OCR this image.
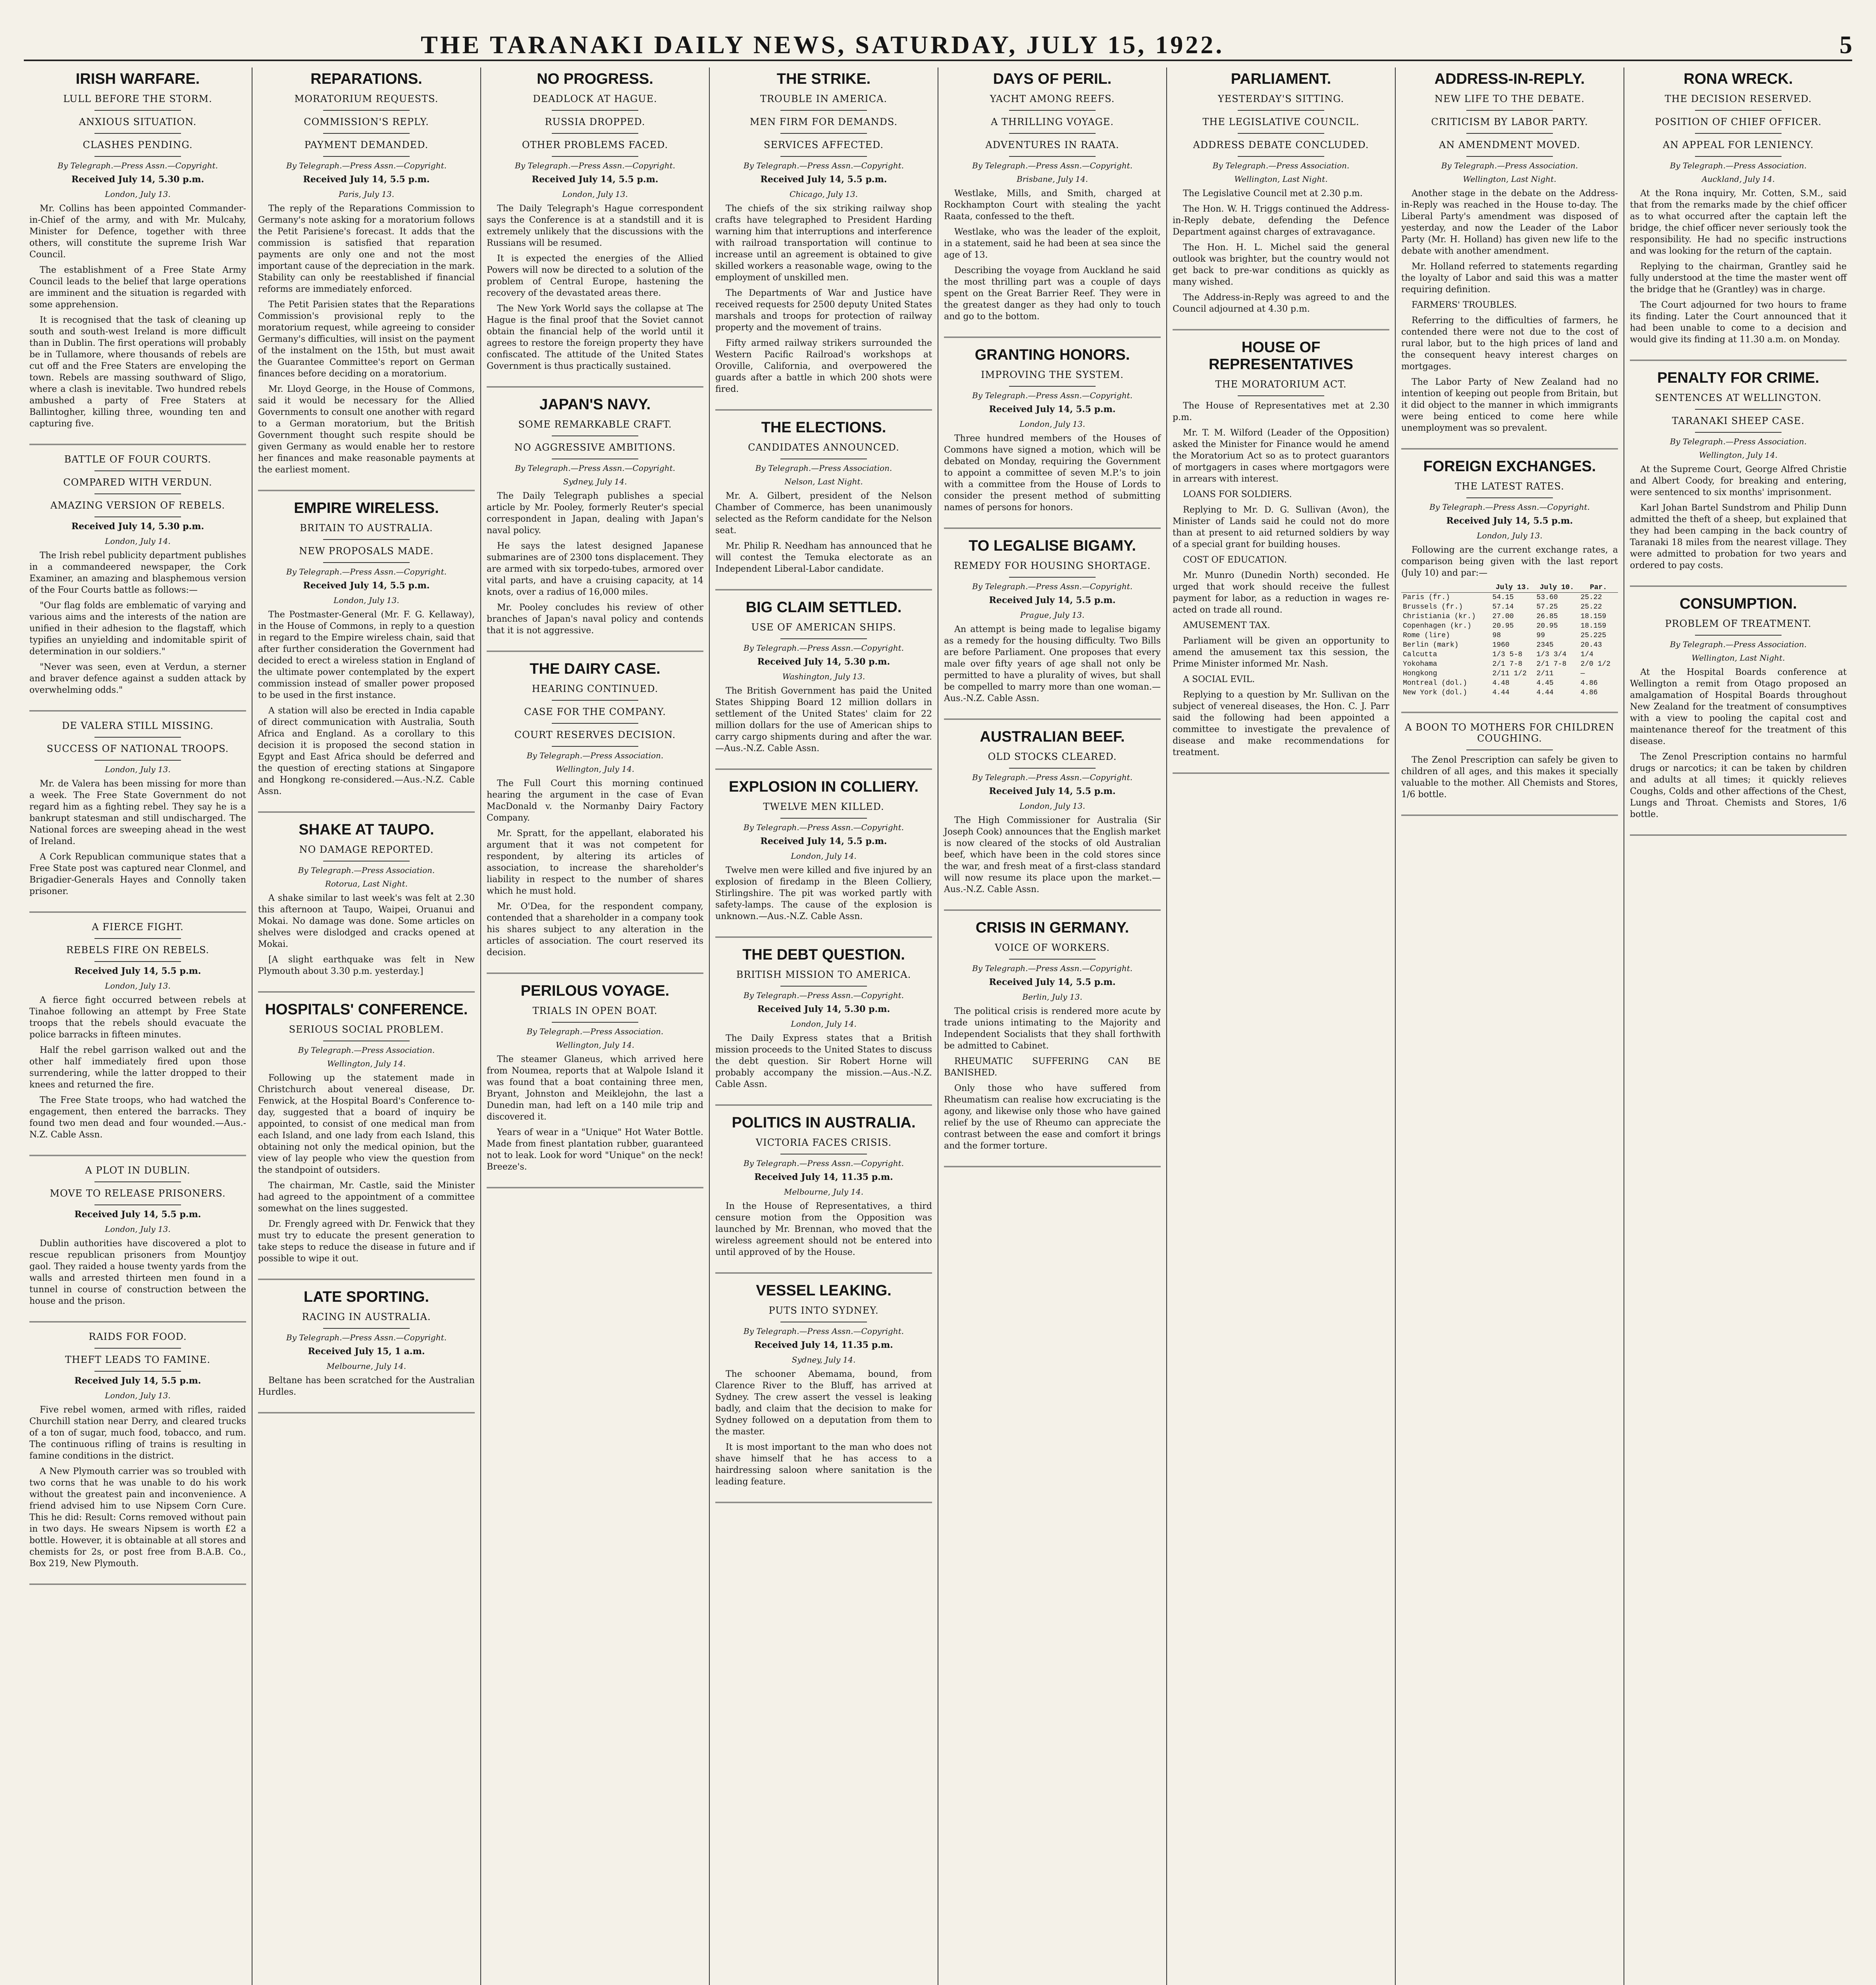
THE TARANAKI DAILY NEWS, SATURDAY, JULY 15, 1922.	5
IRISH WARFARE.
LULL BEFORE THE STORM.
ANXIOUS SITUATION.
CLASHES PENDING.
By Telegraph.—Press Assn.—Copyright.
Received July 14, 5.30 p.m.
London, July 13.

Mr. Collins has been appointed Commander-in-Chief of the army, and with Mr. Mulcahy, Minister for Defence, together with three others, will constitute the supreme Irish War Council.

The establishment of a Free State Army Council leads to the belief that large operations are imminent and the situation is regarded with some apprehension.

It is recognised that the task of cleaning up south and south-west Ireland is more difficult than in Dublin. The first operations will probably be in Tullamore, where thousands of rebels are cut off and the Free Staters are enveloping the town. Rebels are massing southward of Sligo, where a clash is inevitable. Two hundred rebels ambushed a party of Free Staters at Ballintogher, killing three, wounding ten and capturing five.

BATTLE OF FOUR COURTS.
COMPARED WITH VERDUN.
AMAZING VERSION OF REBELS.
Received July 14, 5.30 p.m.
London, July 14.

The Irish rebel publicity department publishes in a commandeered newspaper, the Cork Examiner, an amazing and blasphemous version of the Four Courts battle as follows:—

"Our flag folds are emblematic of varying and various aims and the interests of the nation are unified in their adhesion to the flagstaff, which typifies an unyielding and indomitable spirit of determination in our soldiers."

"Never was seen, even at Verdun, a sterner and braver defence against a sudden attack by overwhelming odds."

DE VALERA STILL MISSING.
SUCCESS OF NATIONAL TROOPS.
London, July 13.

Mr. de Valera has been missing for more than a week. The Free State Government do not regard him as a fighting rebel. They say he is a bankrupt statesman and still undischarged. The National forces are sweeping ahead in the west of Ireland.

A Cork Republican communique states that a Free State post was captured near Clonmel, and Brigadier-Generals Hayes and Connolly taken prisoner.

A FIERCE FIGHT.
REBELS FIRE ON REBELS.
Received July 14, 5.5 p.m.
London, July 13.

A fierce fight occurred between rebels at Tinahoe following an attempt by Free State troops that the rebels should evacuate the police barracks in fifteen minutes.

Half the rebel garrison walked out and the other half immediately fired upon those surrendering, while the latter dropped to their knees and returned the fire.

The Free State troops, who had watched the engagement, then entered the barracks. They found two men dead and four wounded.—Aus.-N.Z. Cable Assn.

A PLOT IN DUBLIN.
MOVE TO RELEASE PRISONERS.
Received July 14, 5.5 p.m.
London, July 13.

Dublin authorities have discovered a plot to rescue republican prisoners from Mountjoy gaol. They raided a house twenty yards from the walls and arrested thirteen men found in a tunnel in course of construction between the house and the prison.

RAIDS FOR FOOD.
THEFT LEADS TO FAMINE.
Received July 14, 5.5 p.m.
London, July 13.

Five rebel women, armed with rifles, raided Churchill station near Derry, and cleared trucks of a ton of sugar, much food, tobacco, and rum. The continuous rifling of trains is resulting in famine conditions in the district.

A New Plymouth carrier was so troubled with two corns that he was unable to do his work without the greatest pain and inconvenience. A friend advised him to use Nipsem Corn Cure. This he did: Result: Corns removed without pain in two days. He swears Nipsem is worth £2 a bottle. However, it is obtainable at all stores and chemists for 2s, or post free from B.A.B. Co., Box 219, New Plymouth.

REPARATIONS.
MORATORIUM REQUESTS.
COMMISSION'S REPLY.
PAYMENT DEMANDED.
By Telegraph.—Press Assn.—Copyright.
Received July 14, 5.5 p.m.
Paris, July 13.

The reply of the Reparations Commission to Germany's note asking for a moratorium follows the Petit Parisiene's forecast. It adds that the commission is satisfied that reparation payments are only one and not the most important cause of the depreciation in the mark. Stability can only be reestablished if financial reforms are immediately enforced.

The Petit Parisien states that the Reparations Commission's provisional reply to the moratorium request, while agreeing to consider Germany's difficulties, will insist on the payment of the instalment on the 15th, but must await the Guarantee Committee's report on German finances before deciding on a moratorium.

Mr. Lloyd George, in the House of Commons, said it would be necessary for the Allied Governments to consult one another with regard to a German moratorium, but the British Government thought such respite should be given Germany as would enable her to restore her finances and make reasonable payments at the earliest moment.

EMPIRE WIRELESS.
BRITAIN TO AUSTRALIA.
NEW PROPOSALS MADE.
By Telegraph.—Press Assn.—Copyright.
Received July 14, 5.5 p.m.
London, July 13.

The Postmaster-General (Mr. F. G. Kellaway), in the House of Commons, in reply to a question in regard to the Empire wireless chain, said that after further consideration the Government had decided to erect a wireless station in England of the ultimate power contemplated by the expert commission instead of smaller power proposed to be used in the first instance.

A station will also be erected in India capable of direct communication with Australia, South Africa and England. As a corollary to this decision it is proposed the second station in Egypt and East Africa should be deferred and the question of erecting stations at Singapore and Hongkong re-considered.—Aus.-N.Z. Cable Assn.

SHAKE AT TAUPO.
NO DAMAGE REPORTED.
By Telegraph.—Press Association.
Rotorua, Last Night.

A shake similar to last week's was felt at 2.30 this afternoon at Taupo, Waipei, Oruanui and Mokai. No damage was done. Some articles on shelves were dislodged and cracks opened at Mokai.

[A slight earthquake was felt in New Plymouth about 3.30 p.m. yesterday.]

HOSPITALS' CONFERENCE.
SERIOUS SOCIAL PROBLEM.
By Telegraph.—Press Association.
Wellington, July 14.

Following up the statement made in Christchurch about venereal disease, Dr. Fenwick, at the Hospital Board's Conference to-day, suggested that a board of inquiry be appointed, to consist of one medical man from each Island, and one lady from each Island, this obtaining not only the medical opinion, but the view of lay people who view the question from the standpoint of outsiders.

The chairman, Mr. Castle, said the Minister had agreed to the appointment of a committee somewhat on the lines suggested.

Dr. Frengly agreed with Dr. Fenwick that they must try to educate the present generation to take steps to reduce the disease in future and if possible to wipe it out.

LATE SPORTING.
RACING IN AUSTRALIA.
By Telegraph.—Press Assn.—Copyright.
Received July 15, 1 a.m.
Melbourne, July 14.

Beltane has been scratched for the Australian Hurdles.

NO PROGRESS.
DEADLOCK AT HAGUE.
RUSSIA DROPPED.
OTHER PROBLEMS FACED.
By Telegraph.—Press Assn.—Copyright.
Received July 14, 5.5 p.m.
London, July 13.

The Daily Telegraph's Hague correspondent says the Conference is at a standstill and it is extremely unlikely that the discussions with the Russians will be resumed.

It is expected the energies of the Allied Powers will now be directed to a solution of the problem of Central Europe, hastening the recovery of the devastated areas there.

The New York World says the collapse at The Hague is the final proof that the Soviet cannot obtain the financial help of the world until it agrees to restore the foreign property they have confiscated. The attitude of the United States Government is thus practically sustained.

JAPAN'S NAVY.
SOME REMARKABLE CRAFT.
NO AGGRESSIVE AMBITIONS.
By Telegraph.—Press Assn.—Copyright.
Sydney, July 14.

The Daily Telegraph publishes a special article by Mr. Pooley, formerly Reuter's special correspondent in Japan, dealing with Japan's naval policy.

He says the latest designed Japanese submarines are of 2300 tons displacement. They are armed with six torpedo-tubes, armored over vital parts, and have a cruising capacity, at 14 knots, over a radius of 16,000 miles.

Mr. Pooley concludes his review of other branches of Japan's naval policy and contends that it is not aggressive.

THE DAIRY CASE.
HEARING CONTINUED.
CASE FOR THE COMPANY.
COURT RESERVES DECISION.
By Telegraph.—Press Association.
Wellington, July 14.

The Full Court this morning continued hearing the argument in the case of Evan MacDonald v. the Normanby Dairy Factory Company.

Mr. Spratt, for the appellant, elaborated his argument that it was not competent for respondent, by altering its articles of association, to increase the shareholder's liability in respect to the number of shares which he must hold.

Mr. O'Dea, for the respondent company, contended that a shareholder in a company took his shares subject to any alteration in the articles of association. The court reserved its decision.

PERILOUS VOYAGE.
TRIALS IN OPEN BOAT.
By Telegraph.—Press Association.
Wellington, July 14.

The steamer Glaneus, which arrived here from Noumea, reports that at Walpole Island it was found that a boat containing three men, Bryant, Johnston and Meiklejohn, the last a Dunedin man, had left on a 140 mile trip and discovered it.

Years of wear in a "Unique" Hot Water Bottle. Made from finest plantation rubber, guaranteed not to leak. Look for word "Unique" on the neck! Breeze's.

THE STRIKE.
TROUBLE IN AMERICA.
MEN FIRM FOR DEMANDS.
SERVICES AFFECTED.
By Telegraph.—Press Assn.—Copyright.
Received July 14, 5.5 p.m.
Chicago, July 13.

The chiefs of the six striking railway shop crafts have telegraphed to President Harding warning him that interruptions and interference with railroad transportation will continue to increase until an agreement is obtained to give skilled workers a reasonable wage, owing to the employment of unskilled men.

The Departments of War and Justice have received requests for 2500 deputy United States marshals and troops for protection of railway property and the movement of trains.

Fifty armed railway strikers surrounded the Western Pacific Railroad's workshops at Oroville, California, and overpowered the guards after a battle in which 200 shots were fired.

THE ELECTIONS.
CANDIDATES ANNOUNCED.
By Telegraph.—Press Association.
Nelson, Last Night.

Mr. A. Gilbert, president of the Nelson Chamber of Commerce, has been unanimously selected as the Reform candidate for the Nelson seat.

Mr. Philip R. Needham has announced that he will contest the Temuka electorate as an Independent Liberal-Labor candidate.

BIG CLAIM SETTLED.
USE OF AMERICAN SHIPS.
By Telegraph.—Press Assn.—Copyright.
Received July 14, 5.30 p.m.
Washington, July 13.

The British Government has paid the United States Shipping Board 12 million dollars in settlement of the United States' claim for 22 million dollars for the use of American ships to carry cargo shipments during and after the war.—Aus.-N.Z. Cable Assn.

EXPLOSION IN COLLIERY.
TWELVE MEN KILLED.
By Telegraph.—Press Assn.—Copyright.
Received July 14, 5.5 p.m.
London, July 14.

Twelve men were killed and five injured by an explosion of firedamp in the Bleen Colliery, Stirlingshire. The pit was worked partly with safety-lamps. The cause of the explosion is unknown.—Aus.-N.Z. Cable Assn.

THE DEBT QUESTION.
BRITISH MISSION TO AMERICA.
By Telegraph.—Press Assn.—Copyright.
Received July 14, 5.30 p.m.
London, July 14.

The Daily Express states that a British mission proceeds to the United States to discuss the debt question. Sir Robert Horne will probably accompany the mission.—Aus.-N.Z. Cable Assn.

POLITICS IN AUSTRALIA.
VICTORIA FACES CRISIS.
By Telegraph.—Press Assn.—Copyright.
Received July 14, 11.35 p.m.
Melbourne, July 14.

In the House of Representatives, a third censure motion from the Opposition was launched by Mr. Brennan, who moved that the wireless agreement should not be entered into until approved of by the House.

VESSEL LEAKING.
PUTS INTO SYDNEY.
By Telegraph.—Press Assn.—Copyright.
Received July 14, 11.35 p.m.
Sydney, July 14.

The schooner Abemama, bound, from Clarence River to the Bluff, has arrived at Sydney. The crew assert the vessel is leaking badly, and claim that the decision to make for Sydney followed on a deputation from them to the master.

It is most important to the man who does not shave himself that he has access to a hairdressing saloon where sanitation is the leading feature.

DAYS OF PERIL.
YACHT AMONG REEFS.
A THRILLING VOYAGE.
ADVENTURES IN RAATA.
By Telegraph.—Press Assn.—Copyright.
Brisbane, July 14.

Westlake, Mills, and Smith, charged at Rockhampton Court with stealing the yacht Raata, confessed to the theft.

Westlake, who was the leader of the exploit, in a statement, said he had been at sea since the age of 13.

Describing the voyage from Auckland he said the most thrilling part was a couple of days spent on the Great Barrier Reef. They were in the greatest danger as they had only to touch and go to the bottom.

GRANTING HONORS.
IMPROVING THE SYSTEM.
By Telegraph.—Press Assn.—Copyright.
Received July 14, 5.5 p.m.
London, July 13.

Three hundred members of the Houses of Commons have signed a motion, which will be debated on Monday, requiring the Government to appoint a committee of seven M.P.'s to join with a committee from the House of Lords to consider the present method of submitting names of persons for honors.

TO LEGALISE BIGAMY.
REMEDY FOR HOUSING SHORTAGE.
By Telegraph.—Press Assn.—Copyright.
Received July 14, 5.5 p.m.
Prague, July 13.

An attempt is being made to legalise bigamy as a remedy for the housing difficulty. Two Bills are before Parliament. One proposes that every male over fifty years of age shall not only be permitted to have a plurality of wives, but shall be compelled to marry more than one woman.—Aus.-N.Z. Cable Assn.

AUSTRALIAN BEEF.
OLD STOCKS CLEARED.
By Telegraph.—Press Assn.—Copyright.
Received July 14, 5.5 p.m.
London, July 13.

The High Commissioner for Australia (Sir Joseph Cook) announces that the English market is now cleared of the stocks of old Australian beef, which have been in the cold stores since the war, and fresh meat of a first-class standard will now resume its place upon the market.—Aus.-N.Z. Cable Assn.

CRISIS IN GERMANY.
VOICE OF WORKERS.
By Telegraph.—Press Assn.—Copyright.
Received July 14, 5.5 p.m.
Berlin, July 13.

The political crisis is rendered more acute by trade unions intimating to the Majority and Independent Socialists that they shall forthwith be admitted to Cabinet.

RHEUMATIC SUFFERING CAN BE BANISHED.

Only those who have suffered from Rheumatism can realise how excruciating is the agony, and likewise only those who have gained relief by the use of Rheumo can appreciate the contrast between the ease and comfort it brings and the former torture.

PARLIAMENT.
YESTERDAY'S SITTING.
THE LEGISLATIVE COUNCIL.
ADDRESS DEBATE CONCLUDED.
By Telegraph.—Press Association.
Wellington, Last Night.

The Legislative Council met at 2.30 p.m.

The Hon. W. H. Triggs continued the Address-in-Reply debate, defending the Defence Department against charges of extravagance.

The Hon. H. L. Michel said the general outlook was brighter, but the country would not get back to pre-war conditions as quickly as many wished.

The Address-in-Reply was agreed to and the Council adjourned at 4.30 p.m.

HOUSE OF REPRESENTATIVES
THE MORATORIUM ACT.

The House of Representatives met at 2.30 p.m.

Mr. T. M. Wilford (Leader of the Opposition) asked the Minister for Finance would he amend the Moratorium Act so as to protect guarantors of mortgagers in cases where mortgagors were in arrears with interest.

LOANS FOR SOLDIERS.

Replying to Mr. D. G. Sullivan (Avon), the Minister of Lands said he could not do more than at present to aid returned soldiers by way of a special grant for building houses.

COST OF EDUCATION.

Mr. Munro (Dunedin North) seconded. He urged that work should receive the fullest payment for labor, as a reduction in wages re-acted on trade all round.

AMUSEMENT TAX.

Parliament will be given an opportunity to amend the amusement tax this session, the Prime Minister informed Mr. Nash.

A SOCIAL EVIL.

Replying to a question by Mr. Sullivan on the subject of venereal diseases, the Hon. C. J. Parr said the following had been appointed a committee to investigate the prevalence of disease and make recommendations for treatment.

ADDRESS-IN-REPLY.
NEW LIFE TO THE DEBATE.
CRITICISM BY LABOR PARTY.
AN AMENDMENT MOVED.
By Telegraph.—Press Association.
Wellington, Last Night.

Another stage in the debate on the Address-in-Reply was reached in the House to-day. The Liberal Party's amendment was disposed of yesterday, and now the Leader of the Labor Party (Mr. H. Holland) has given new life to the debate with another amendment.

Mr. Holland referred to statements regarding the loyalty of Labor and said this was a matter requiring definition.

FARMERS' TROUBLES.

Referring to the difficulties of farmers, he contended there were not due to the cost of rural labor, but to the high prices of land and the consequent heavy interest charges on mortgages.

The Labor Party of New Zealand had no intention of keeping out people from Britain, but it did object to the manner in which immigrants were being enticed to come here while unemployment was so prevalent.

FOREIGN EXCHANGES.
THE LATEST RATES.
By Telegraph.—Press Assn.—Copyright.
Received July 14, 5.5 p.m.
London, July 13.

Following are the current exchange rates, a comparison being given with the last report (July 10) and par:—

	July 13.	July 10.	Par.
Paris (fr.)	54.15	53.60	25.22
Brussels (fr.)	57.14	57.25	25.22
Christiania (kr.)	27.00	26.85	18.159
Copenhagen (kr.)	20.95	20.95	18.159
Rome (lire)	98	99	25.225
Berlin (mark)	1960	2345	20.43
Calcutta	1/3 5-8	1/3 3/4	1/4
Yokohama	2/1 7-8	2/1 7-8	2/0 1/2
Hongkong	2/11 1/2	2/11	—
Montreal (dol.)	4.48	4.45	4.86
New York (dol.)	4.44	4.44	4.86
A BOON TO MOTHERS FOR CHILDREN COUGHING.

The Zenol Prescription can safely be given to children of all ages, and this makes it specially valuable to the mother. All Chemists and Stores, 1/6 bottle.

RONA WRECK.
THE DECISION RESERVED.
POSITION OF CHIEF OFFICER.
AN APPEAL FOR LENIENCY.
By Telegraph.—Press Association.
Auckland, July 14.

At the Rona inquiry, Mr. Cotten, S.M., said that from the remarks made by the chief officer as to what occurred after the captain left the bridge, the chief officer never seriously took the responsibility. He had no specific instructions and was looking for the return of the captain.

Replying to the chairman, Grantley said he fully understood at the time the master went off the bridge that he (Grantley) was in charge.

The Court adjourned for two hours to frame its finding. Later the Court announced that it had been unable to come to a decision and would give its finding at 11.30 a.m. on Monday.

PENALTY FOR CRIME.
SENTENCES AT WELLINGTON.
TARANAKI SHEEP CASE.
By Telegraph.—Press Association.
Wellington, July 14.

At the Supreme Court, George Alfred Christie and Albert Coody, for breaking and entering, were sentenced to six months' imprisonment.

Karl Johan Bartel Sundstrom and Philip Dunn admitted the theft of a sheep, but explained that they had been camping in the back country of Taranaki 18 miles from the nearest village. They were admitted to probation for two years and ordered to pay costs.

CONSUMPTION.
PROBLEM OF TREATMENT.
By Telegraph.—Press Association.
Wellington, Last Night.

At the Hospital Boards conference at Wellington a remit from Otago proposed an amalgamation of Hospital Boards throughout New Zealand for the treatment of consumptives with a view to pooling the capital cost and maintenance thereof for the treatment of this disease.

The Zenol Prescription contains no harmful drugs or narcotics; it can be taken by children and adults at all times; it quickly relieves Coughs, Colds and other affections of the Chest, Lungs and Throat. Chemists and Stores, 1/6 bottle.
